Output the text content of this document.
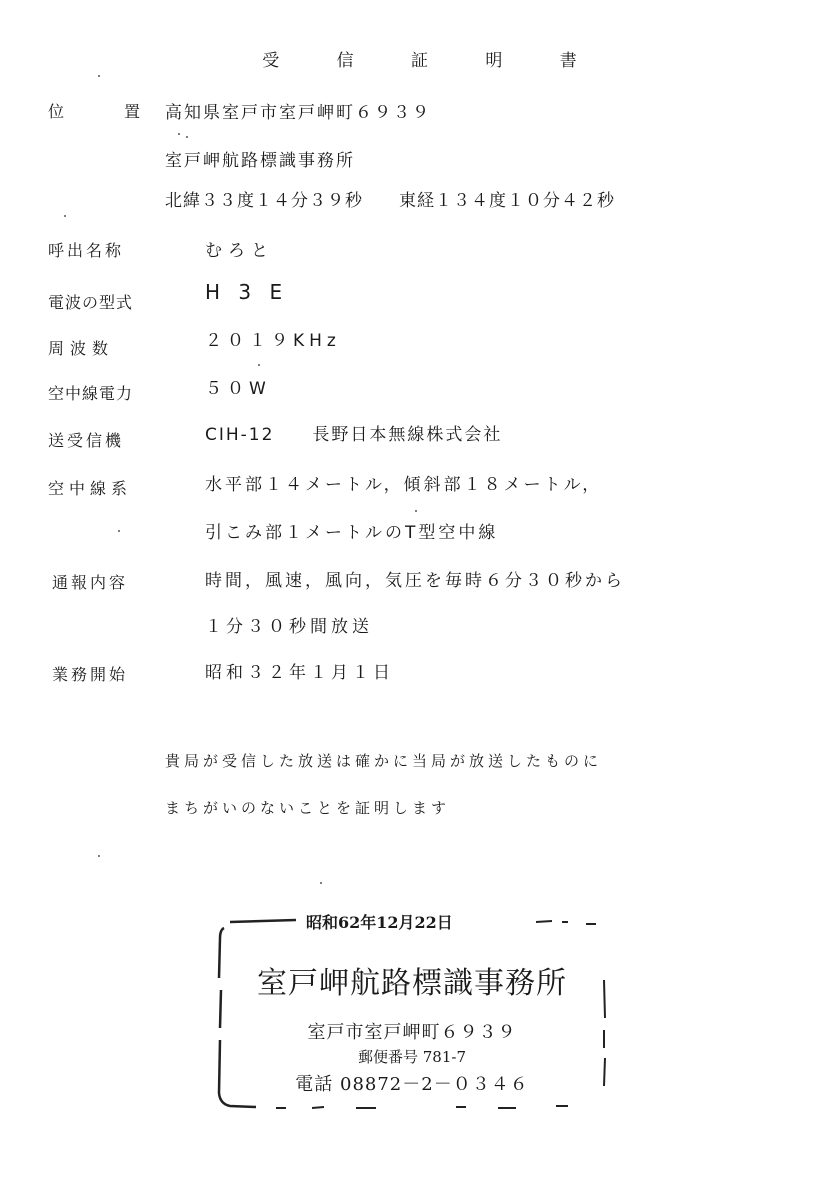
受 信 証 明 書
位　置 高知県室戸市室戸岬町６９３９
室戸岬航路標識事務所
北緯３３度１４分３９秒　　東経１３４度１０分４２秒
呼出名称	むろと
電波の型式	H 3 E
周波数	２０１９KHz
空中線電力	５０W
送受信機	CIH-12　　長野日本無線株式会社
空中線系	水平部１４メートル，傾斜部１８メートル，
引こみ部１メートルのT型空中線
通報内容	時間，風速，風向，気圧を毎時６分３０秒から
１分３０秒間放送
業務開始	昭和３２年１月１日
貴局が受信した放送は確かに当局が放送したものに
まちがいのないことを証明します
昭和62年12月22日
室戸岬航路標識事務所
室戸市室戸岬町６９３９
郵便番号 781-7
電話 08872－2－０３４６
